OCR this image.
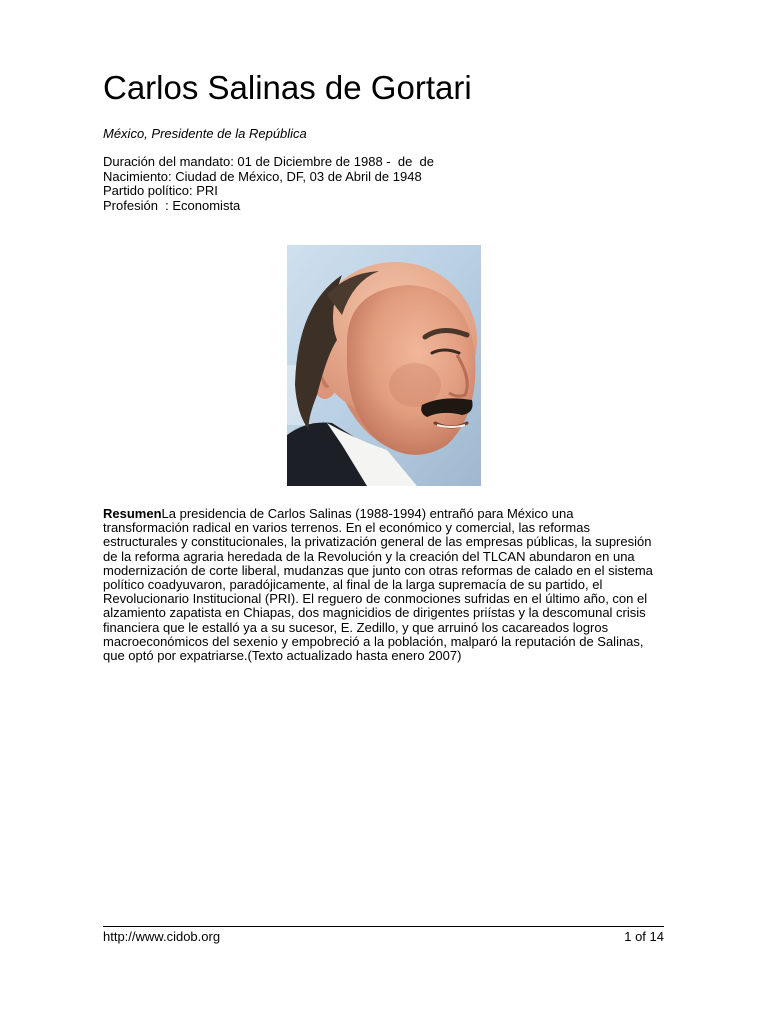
Carlos Salinas de Gortari
México, Presidente de la República
Duración del mandato: 01 de Diciembre de 1988 -  de  de
Nacimiento: Ciudad de México, DF, 03 de Abril de 1948
Partido político: PRI
Profesión  : Economista

ResumenLa presidencia de Carlos Salinas (1988-1994) entrañó para México una transformación radical en varios terrenos. En el económico y comercial, las reformas estructurales y constitucionales, la privatización general de las empresas públicas, la supresión de la reforma agraria heredada de la Revolución y la creación del TLCAN abundaron en una modernización de corte liberal, mudanzas que junto con otras reformas de calado en el sistema político coadyuvaron, paradójicamente, al final de la larga supremacía de su partido, el Revolucionario Institucional (PRI). El reguero de conmociones sufridas en el último año, con el alzamiento zapatista en Chiapas, dos magnicidios de dirigentes priístas y la descomunal crisis financiera que le estalló ya a su sucesor, E. Zedillo, y que arruinó los cacareados logros macroeconómicos del sexenio y empobreció a la población, malparó la reputación de Salinas, que optó por expatriarse.(Texto actualizado hasta enero 2007)

http://www.cidob.org	1 of 14
